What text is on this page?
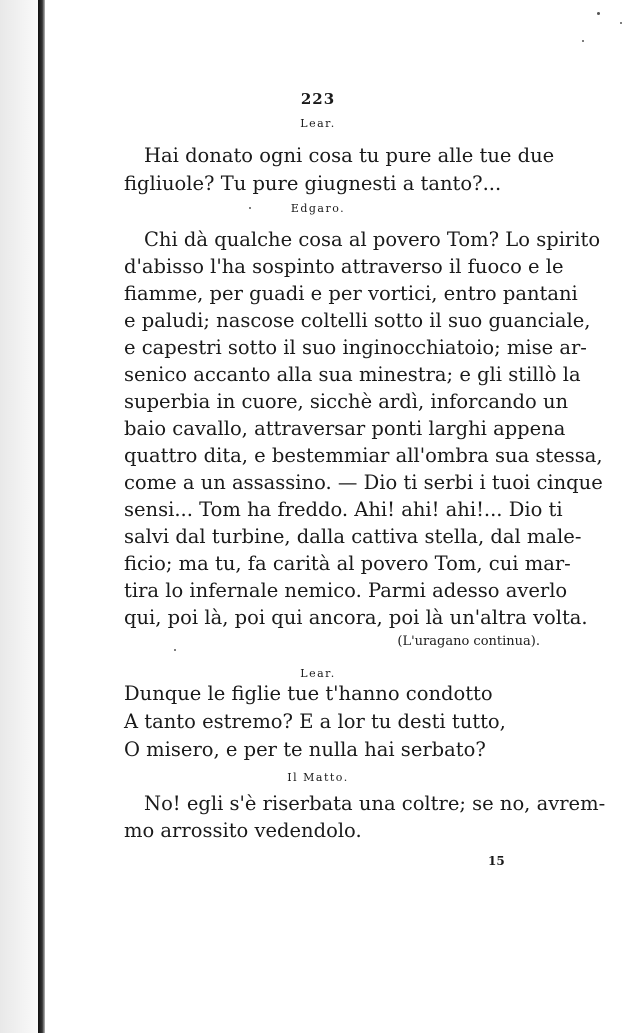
223
Lear.
Hai donato ogni cosa tu pure alle tue due
figliuole? Tu pure giugnesti a tanto?...
Edgaro.
Chi dà qualche cosa al povero Tom? Lo spirito
d'abisso l'ha sospinto attraverso il fuoco e le
fiamme, per guadi e per vortici, entro pantani
e paludi; nascose coltelli sotto il suo guanciale,
e capestri sotto il suo inginocchiatoio; mise ar-
senico accanto alla sua minestra; e gli stillò la
superbia in cuore, sicchè ardì, inforcando un
baio cavallo, attraversar ponti larghi appena
quattro dita, e bestemmiar all'ombra sua stessa,
come a un assassino. — Dio ti serbi i tuoi cinque
sensi... Tom ha freddo. Ahi! ahi! ahi!... Dio ti
salvi dal turbine, dalla cattiva stella, dal male-
ficio; ma tu, fa carità al povero Tom, cui mar-
tira lo infernale nemico. Parmi adesso averlo
qui, poi là, poi qui ancora, poi là un'altra volta.
(L'uragano continua).
Lear.
Dunque le figlie tue t'hanno condotto
A tanto estremo? E a lor tu desti tutto,
O misero, e per te nulla hai serbato?
Il Matto.
No! egli s'è riserbata una coltre; se no, avrem-
mo arrossito vedendolo.
15
